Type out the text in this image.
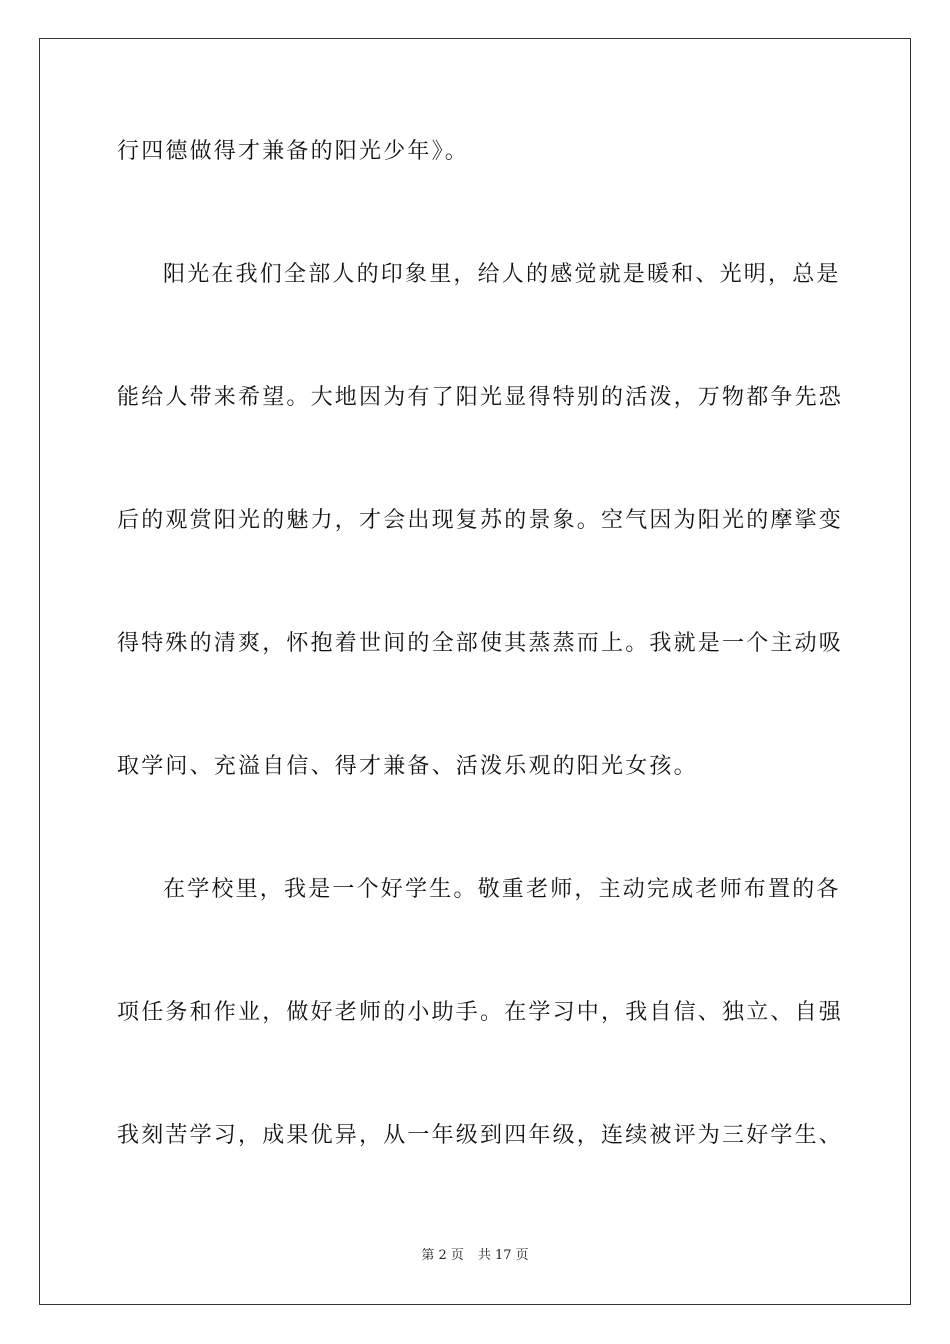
行四德做得才兼备的阳光少年》。
阳光在我们全部人的印象里，给人的感觉就是暖和、光明，总是
能给人带来希望。大地因为有了阳光显得特别的活泼，万物都争先恐
后的观赏阳光的魅力，才会出现复苏的景象。空气因为阳光的摩挲变
得特殊的清爽，怀抱着世间的全部使其蒸蒸而上。我就是一个主动吸
取学问、充溢自信、得才兼备、活泼乐观的阳光女孩。
在学校里，我是一个好学生。敬重老师，主动完成老师布置的各
项任务和作业，做好老师的小助手。在学习中，我自信、独立、自强
我刻苦学习，成果优异，从一年级到四年级，连续被评为三好学生、
第 2 页 共 17 页
